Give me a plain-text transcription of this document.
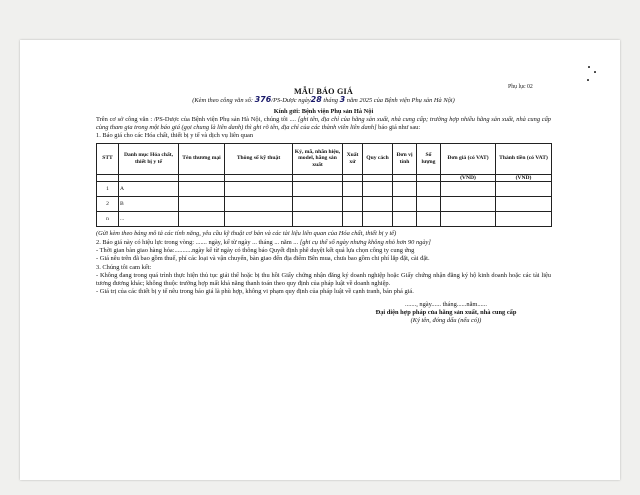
Phụ lục 02
MẪU BÁO GIÁ
(Kèm theo công văn số: 376/PS-Dược ngày28 tháng 3 năm 2025 của Bệnh viện Phụ sản Hà Nội)
Kính gửi: Bệnh viện Phụ sản Hà Nội
Trên cơ sở công văn : /PS-Dược của Bệnh viện Phụ sản Hà Nội, chúng tôi .... [ghi tên, địa chỉ của hãng sản xuất, nhà cung cấp; trường hợp nhiều hãng sản xuất, nhà cung cấp cùng tham gia trong một báo giá (gọi chung là liên danh) thì ghi rõ tên, địa chỉ của các thành viên liên danh] báo giá như sau:
1. Báo giá cho các Hóa chất, thiết bị y tế và dịch vụ liên quan
STT	Danh mục Hóa chất, thiết bị y tế	Tên thương mại	Thông số kỹ thuật	Ký, mã, nhãn hiệu, model, hãng sản xuất	Xuất xứ	Quy cách	Đơn vị tính	Số lượng	Đơn giá (có VAT)	Thành tiền (có VAT)
									(VND)	(VND)
1	A									
2	B									
n	...									
(Gửi kèm theo bảng mô tả các tính năng, yêu cầu kỹ thuật cơ bản và các tài liệu liên quan của Hóa chất, thiết bị y tế)
2. Báo giá này có hiệu lực trong vòng: ....... ngày, kể từ ngày ... tháng ... năm ... [ghi cụ thể số ngày nhưng không nhỏ hơn 90 ngày]
- Thời gian bàn giao hàng hóa:...........ngày kể từ ngày có thông báo Quyết định phê duyệt kết quả lựa chọn công ty cung ứng
- Giá nêu trên đã bao gồm thuế, phí các loại và vận chuyển, bàn giao đến địa điểm Bên mua, chưa bao gồm chi phí lắp đặt, cài đặt.
3. Chúng tôi cam kết:
- Không đang trong quá trình thực hiện thủ tục giải thể hoặc bị thu hồi Giấy chứng nhận đăng ký doanh nghiệp hoặc Giấy chứng nhận đăng ký hộ kinh doanh hoặc các tài liệu tương đương khác; không thuộc trường hợp mất khả năng thanh toán theo quy định của pháp luật về doanh nghiệp.
- Giá trị của các thiết bị y tế nêu trong báo giá là phù hợp, không vi phạm quy định của pháp luật về cạnh tranh, bán phá giá.
......., ngày...... tháng......năm......
Đại diện hợp pháp của hãng sản xuất, nhà cung cấp
(Ký tên, đóng dấu (nếu có))
